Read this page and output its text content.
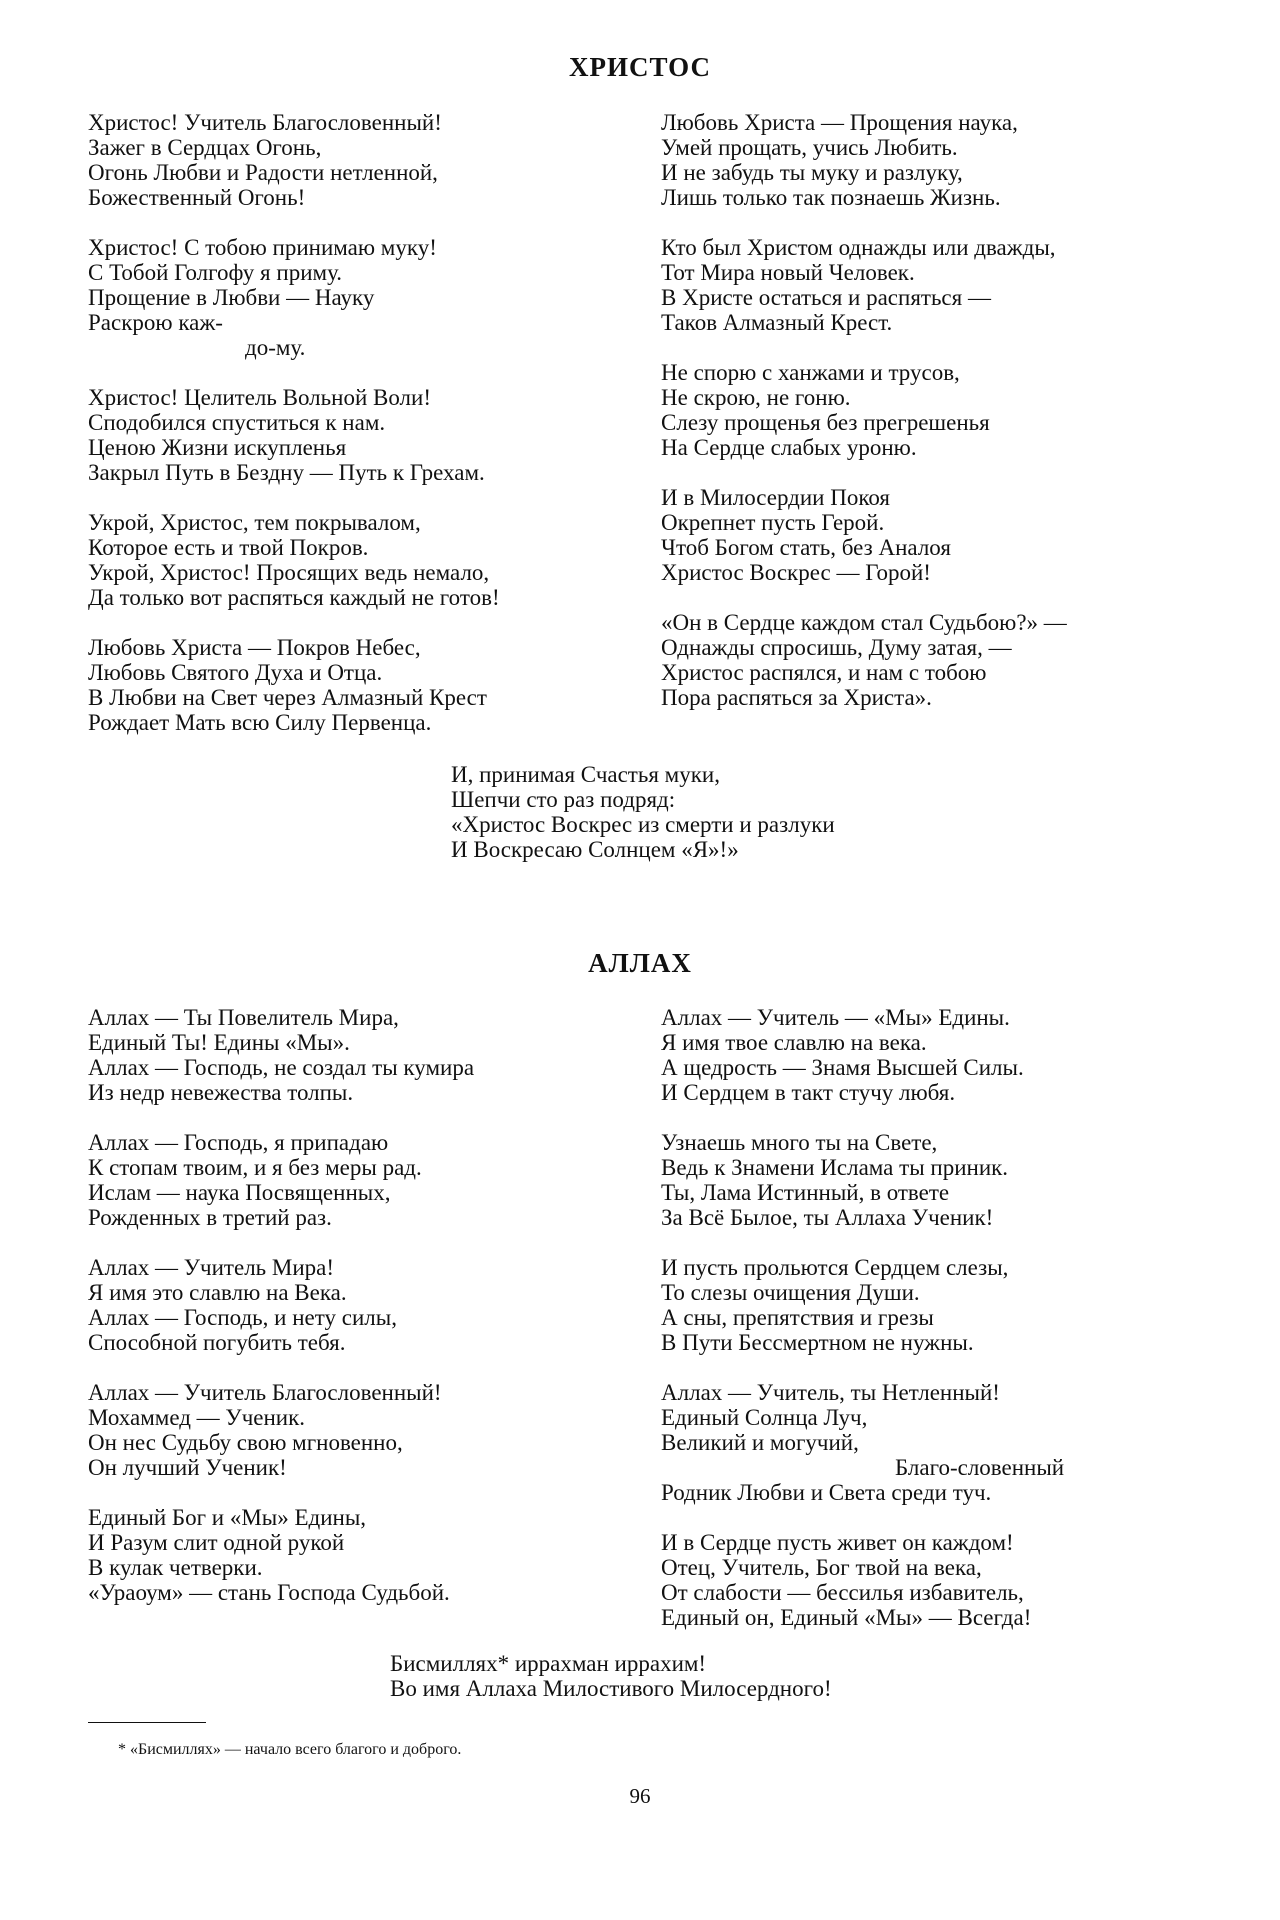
ХРИСТОС

Христос! Учитель Благословенный!
Зажег в Сердцах Огонь,
Огонь Любви и Радости нетленной,
Божественный Огонь!

Христос! С тобою принимаю муку!
С Тобой Голгофу я приму.
Прощение в Любви — Науку
Раскрою каж-
до-му.

Христос! Целитель Вольной Воли!
Сподобился спуститься к нам.
Ценою Жизни искупленья
Закрыл Путь в Бездну — Путь к Грехам.

Укрой, Христос, тем покрывалом,
Которое есть и твой Покров.
Укрой, Христос! Просящих ведь немало,
Да только вот распяться каждый не готов!

Любовь Христа — Покров Небес,
Любовь Святого Духа и Отца.
В Любви на Свет через Алмазный Крест
Рождает Мать всю Силу Первенца.

Любовь Христа — Прощения наука,
Умей прощать, учись Любить.
И не забудь ты муку и разлуку,
Лишь только так познаешь Жизнь.

Кто был Христом однажды или дважды,
Тот Мира новый Человек.
В Христе остаться и распяться —
Таков Алмазный Крест.

Не спорю с ханжами и трусов,
Не скрою, не гоню.
Слезу прощенья без прегрешенья
На Сердце слабых уроню.

И в Милосердии Покоя
Окрепнет пусть Герой.
Чтоб Богом стать, без Аналоя
Христос Воскрес — Горой!

«Он в Сердце каждом стал Судьбою?» —
Однажды спросишь, Думу затая, —
Христос распялся, и нам с тобою
Пора распяться за Христа».

И, принимая Счастья муки,
Шепчи сто раз подряд:
«Христос Воскрес из смерти и разлуки
И Воскресаю Солнцем «Я»!»

АЛЛАХ

Аллах — Ты Повелитель Мира,
Единый Ты! Едины «Мы».
Аллах — Господь, не создал ты кумира
Из недр невежества толпы.

Аллах — Господь, я припадаю
К стопам твоим, и я без меры рад.
Ислам — наука Посвященных,
Рожденных в третий раз.

Аллах — Учитель Мира!
Я имя это славлю на Века.
Аллах — Господь, и нету силы,
Способной погубить тебя.

Аллах — Учитель Благословенный!
Мохаммед — Ученик.
Он нес Судьбу свою мгновенно,
Он лучший Ученик!

Единый Бог и «Мы» Едины,
И Разум слит одной рукой
В кулак четверки.
«Ураоум» — стань Господа Судьбой.

Аллах — Учитель — «Мы» Едины.
Я имя твое славлю на века.
А щедрость — Знамя Высшей Силы.
И Сердцем в такт стучу любя.

Узнаешь много ты на Свете,
Ведь к Знамени Ислама ты приник.
Ты, Лама Истинный, в ответе
За Всё Былое, ты Аллаха Ученик!

И пусть прольются Сердцем слезы,
То слезы очищения Души.
А сны, препятствия и грезы
В Пути Бессмертном не нужны.

Аллах — Учитель, ты Нетленный!
Единый Солнца Луч,
Великий и могучий,
Благо-словенный
Родник Любви и Света среди туч.

И в Сердце пусть живет он каждом!
Отец, Учитель, Бог твой на века,
От слабости — бессилья избавитель,
Единый он, Единый «Мы» — Всегда!

Бисмиллях* иррахман иррахим!
Во имя Аллаха Милостивого Милосердного!

* «Бисмиллях» — начало всего благого и доброго.
96
